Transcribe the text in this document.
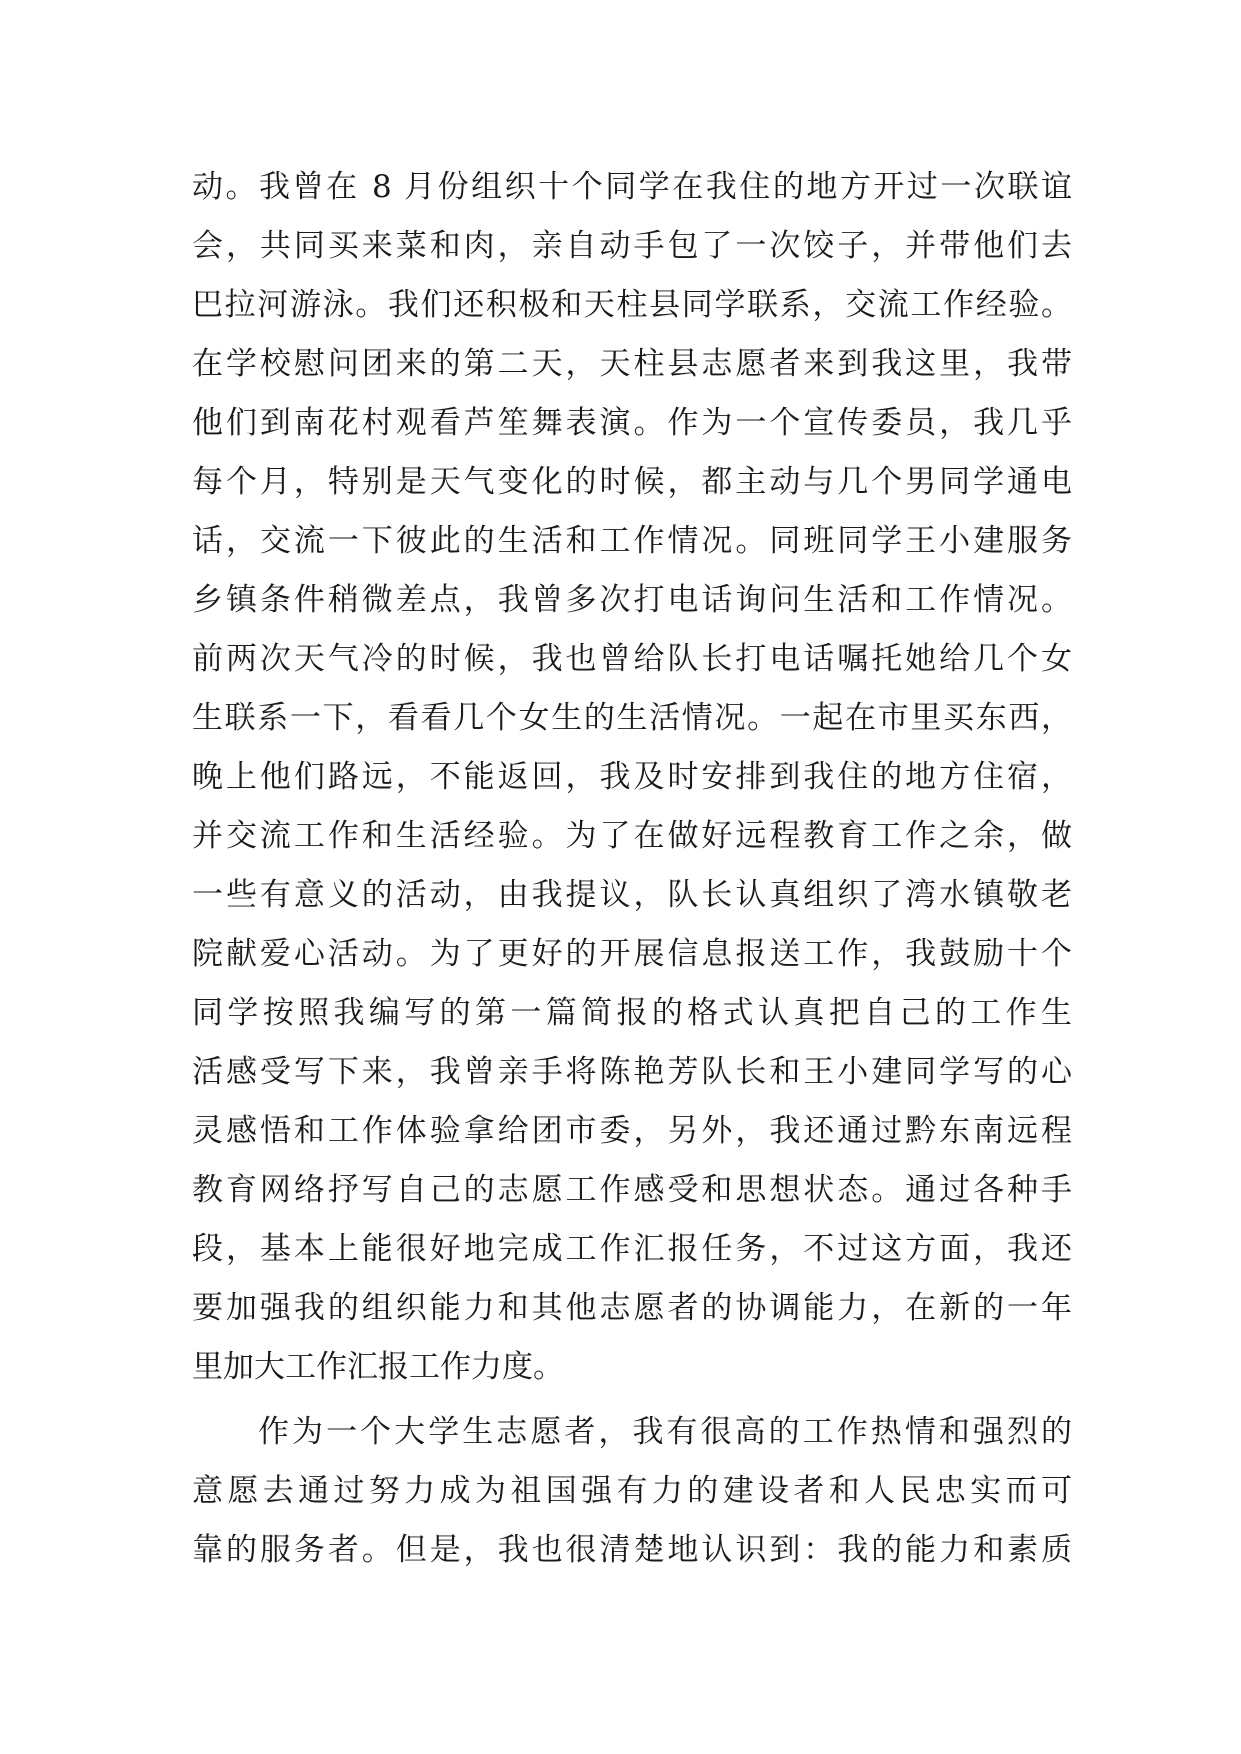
动。我曾在 8 月份组织十个同学在我住的地方开过一次联谊
会，共同买来菜和肉，亲自动手包了一次饺子，并带他们去
巴拉河游泳。我们还积极和天柱县同学联系，交流工作经验。
在学校慰问团来的第二天，天柱县志愿者来到我这里，我带
他们到南花村观看芦笙舞表演。作为一个宣传委员，我几乎
每个月，特别是天气变化的时候，都主动与几个男同学通电
话，交流一下彼此的生活和工作情况。同班同学王小建服务
乡镇条件稍微差点，我曾多次打电话询问生活和工作情况。
前两次天气冷的时候，我也曾给队长打电话嘱托她给几个女
生联系一下，看看几个女生的生活情况。一起在市里买东西，
晚上他们路远，不能返回，我及时安排到我住的地方住宿，
并交流工作和生活经验。为了在做好远程教育工作之余，做
一些有意义的活动，由我提议，队长认真组织了湾水镇敬老
院献爱心活动。为了更好的开展信息报送工作，我鼓励十个
同学按照我编写的第一篇简报的格式认真把自己的工作生
活感受写下来，我曾亲手将陈艳芳队长和王小建同学写的心
灵感悟和工作体验拿给团市委，另外，我还通过黔东南远程
教育网络抒写自己的志愿工作感受和思想状态。通过各种手
段，基本上能很好地完成工作汇报任务，不过这方面，我还
要加强我的组织能力和其他志愿者的协调能力，在新的一年
里加大工作汇报工作力度。
作为一个大学生志愿者，我有很高的工作热情和强烈的
意愿去通过努力成为祖国强有力的建设者和人民忠实而可
靠的服务者。但是，我也很清楚地认识到：我的能力和素质
